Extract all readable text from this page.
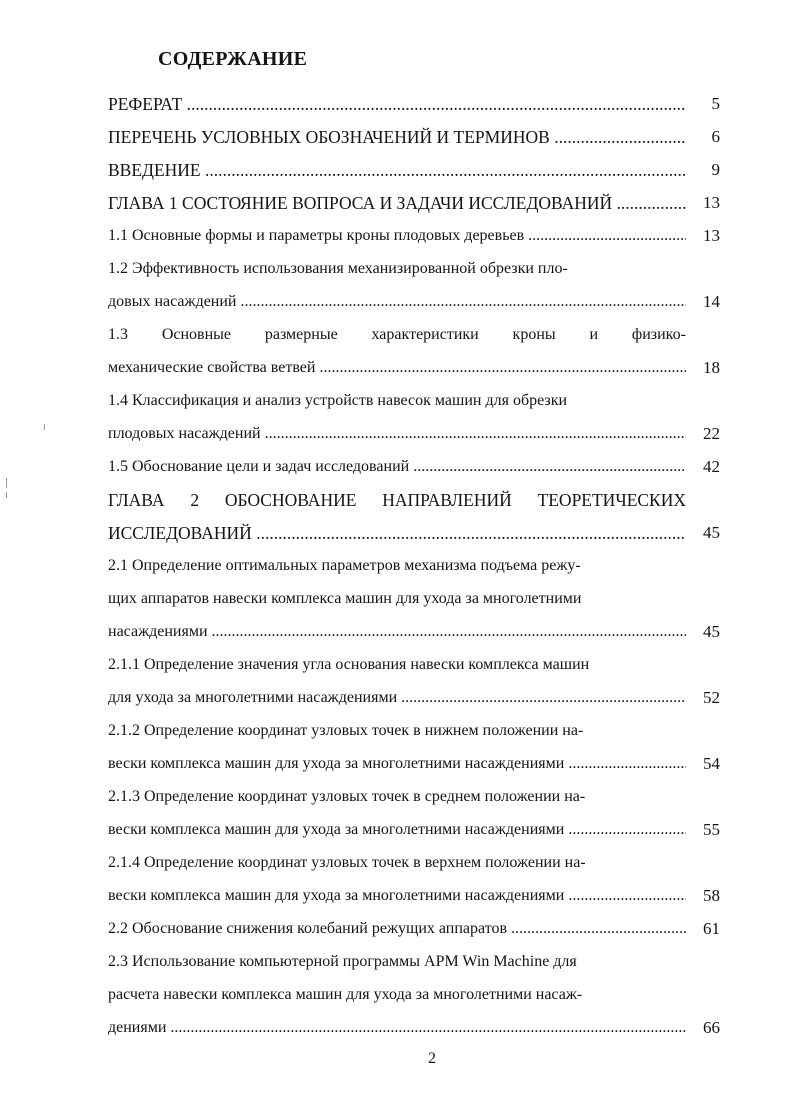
СОДЕРЖАНИЕ
РЕФЕРАТ .....	5
ПЕРЕЧЕНЬ УСЛОВНЫХ ОБОЗНАЧЕНИЙ И ТЕРМИНОВ .....	6
ВВЕДЕНИЕ .....	9
ГЛАВА 1 СОСТОЯНИЕ ВОПРОСА И ЗАДАЧИ ИССЛЕДОВАНИЙ .....	13
1.1 Основные формы и параметры кроны плодовых деревьев .....	13
1.2 Эффективность использования механизированной обрезки пло-
довых насаждений .....	14
1.3 Основные размерные характеристики кроны и физико-
механические свойства ветвей .....	18
1.4 Классификация и анализ устройств навесок машин для обрезки
плодовых насаждений .....	22
1.5 Обоснование цели и задач исследований .....	42
ГЛАВА 2 ОБОСНОВАНИЕ НАПРАВЛЕНИЙ ТЕОРЕТИЧЕСКИХ
ИССЛЕДОВАНИЙ .....	45
2.1 Определение оптимальных параметров механизма подъема режу-
щих аппаратов навески комплекса машин для ухода за многолетними
насаждениями .....	45
2.1.1 Определение значения угла основания навески комплекса машин
для ухода за многолетними насаждениями .....	52
2.1.2 Определение координат узловых точек в нижнем положении на-
вески комплекса машин для ухода за многолетними насаждениями .....	54
2.1.3 Определение координат узловых точек в среднем положении на-
вески комплекса машин для ухода за многолетними насаждениями .....	55
2.1.4 Определение координат узловых точек в верхнем положении на-
вески комплекса машин для ухода за многолетними насаждениями .....	58
2.2 Обоснование снижения колебаний режущих аппаратов .....	61
2.3 Использование компьютерной программы APM Win Machine для
расчета навески комплекса машин для ухода за многолетними насаж-
дениями .....	66
2
